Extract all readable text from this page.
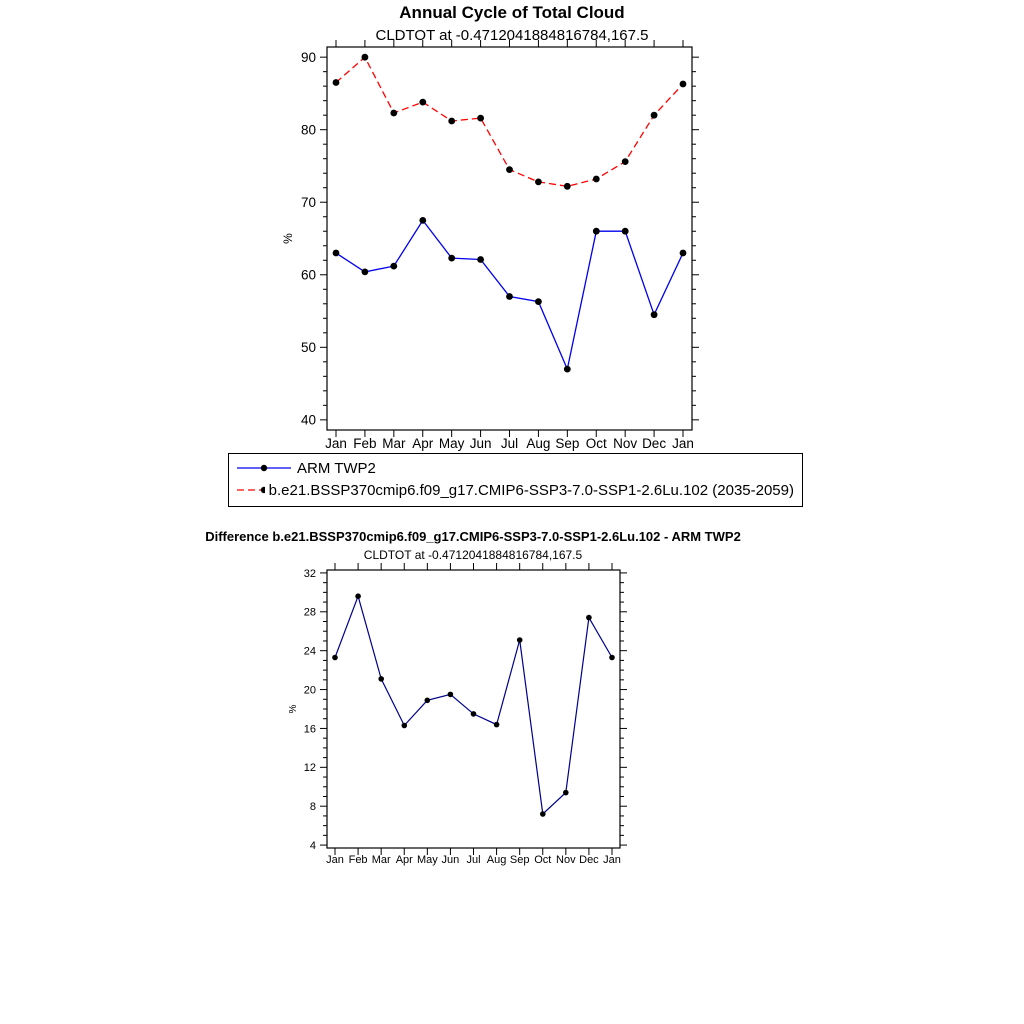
Annual Cycle of Total Cloud
CLDTOT at -0.4712041884816784,167.5
40
50
60
70
80
90
Jan Feb Mar Apr May Jun Jul Aug Sep Oct Nov Dec Jan
%
4
8
12
16
20
24
28
32
Jan Feb Mar Apr May Jun Jul Aug Sep Oct Nov Dec Jan
%
ARM TWP2
b.e21.BSSP370cmip6.f09_g17.CMIP6-SSP3-7.0-SSP1-2.6Lu.102 (2035-2059)
Difference b.e21.BSSP370cmip6.f09_g17.CMIP6-SSP3-7.0-SSP1-2.6Lu.102 - ARM TWP2
CLDTOT at -0.4712041884816784,167.5
